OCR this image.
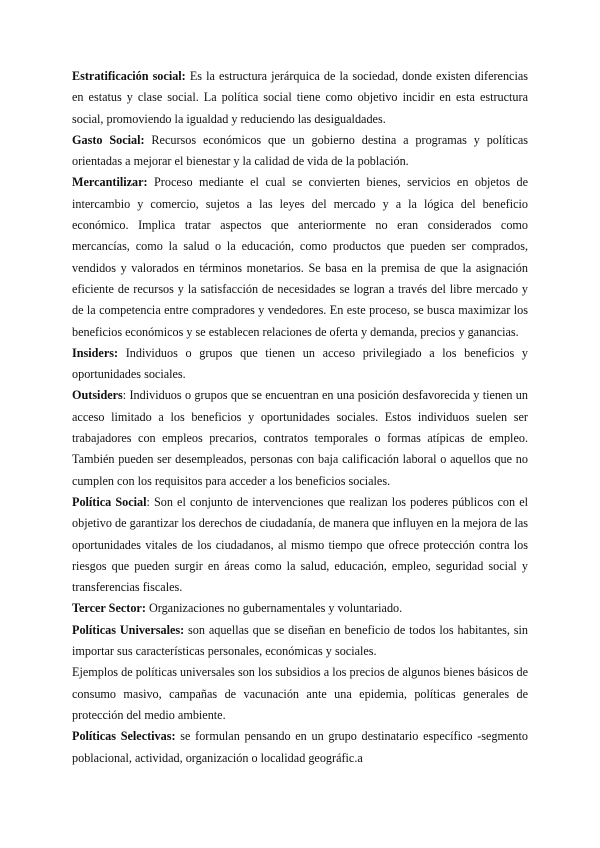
Estratificación social: Es la estructura jerárquica de la sociedad, donde existen diferencias en estatus y clase social. La política social tiene como objetivo incidir en esta estructura social, promoviendo la igualdad y reduciendo las desigualdades.

Gasto Social: Recursos económicos que un gobierno destina a programas y políticas orientadas a mejorar el bienestar y la calidad de vida de la población.

Mercantilizar: Proceso mediante el cual se convierten bienes, servicios en objetos de intercambio y comercio, sujetos a las leyes del mercado y a la lógica del beneficio económico. Implica tratar aspectos que anteriormente no eran considerados como mercancías, como la salud o la educación, como productos que pueden ser comprados, vendidos y valorados en términos monetarios. Se basa en la premisa de que la asignación eficiente de recursos y la satisfacción de necesidades se logran a través del libre mercado y de la competencia entre compradores y vendedores. En este proceso, se busca maximizar los beneficios económicos y se establecen relaciones de oferta y demanda, precios y ganancias.

Insiders: Individuos o grupos que tienen un acceso privilegiado a los beneficios y oportunidades sociales.

Outsiders: Individuos o grupos que se encuentran en una posición desfavorecida y tienen un acceso limitado a los beneficios y oportunidades sociales. Estos individuos suelen ser trabajadores con empleos precarios, contratos temporales o formas atípicas de empleo. También pueden ser desempleados, personas con baja calificación laboral o aquellos que no cumplen con los requisitos para acceder a los beneficios sociales.

Política Social: Son el conjunto de intervenciones que realizan los poderes públicos con el objetivo de garantizar los derechos de ciudadanía, de manera que influyen en la mejora de las oportunidades vitales de los ciudadanos, al mismo tiempo que ofrece protección contra los riesgos que pueden surgir en áreas como la salud, educación, empleo, seguridad social y transferencias fiscales.

Tercer Sector: Organizaciones no gubernamentales y voluntariado.

Políticas Universales: son aquellas que se diseñan en beneficio de todos los habitantes, sin importar sus características personales, económicas y sociales.

Ejemplos de políticas universales son los subsidios a los precios de algunos bienes básicos de consumo masivo, campañas de vacunación ante una epidemia, políticas generales de protección del medio ambiente.

Políticas Selectivas: se formulan pensando en un grupo destinatario específico -segmento poblacional, actividad, organización o localidad geográfic.a
